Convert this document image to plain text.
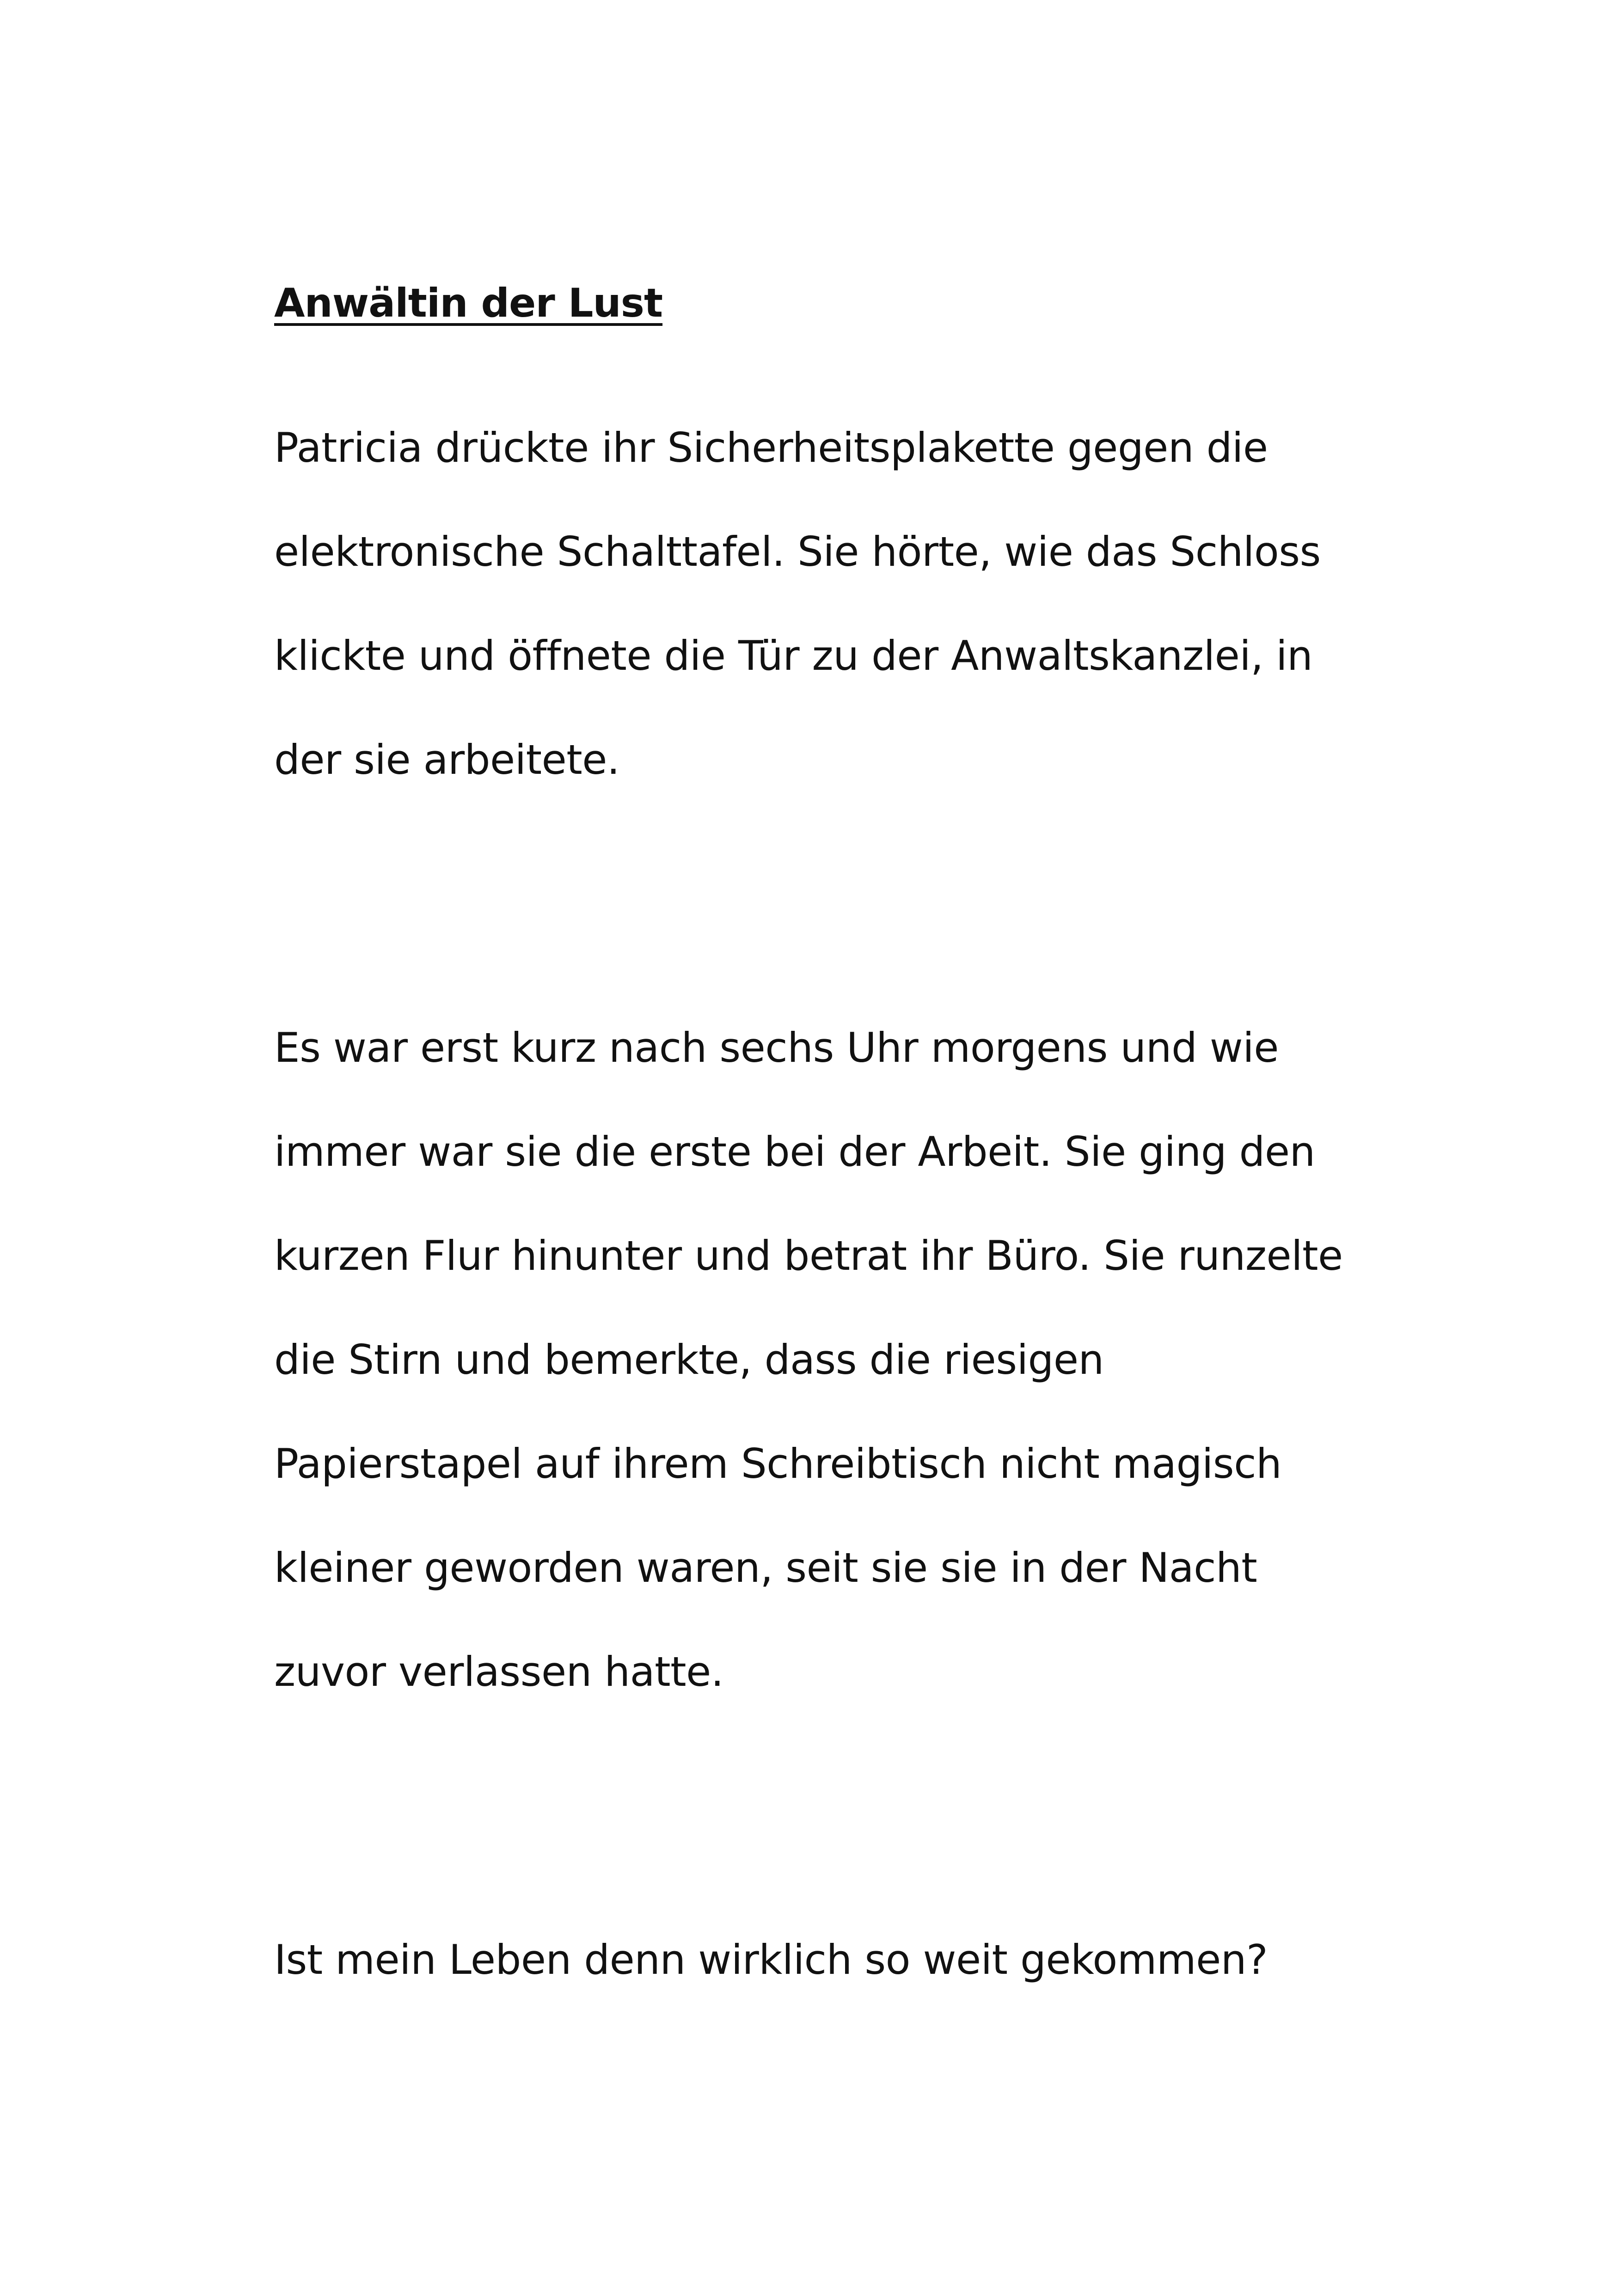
Anwältin der Lust

Patricia drückte ihr Sicherheitsplakette gegen die

elektronische Schalttafel. Sie hörte, wie das Schloss

klickte und öffnete die Tür zu der Anwaltskanzlei, in

der sie arbeitete.

Es war erst kurz nach sechs Uhr morgens und wie

immer war sie die erste bei der Arbeit. Sie ging den

kurzen Flur hinunter und betrat ihr Büro. Sie runzelte

die Stirn und bemerkte, dass die riesigen

Papierstapel auf ihrem Schreibtisch nicht magisch

kleiner geworden waren, seit sie sie in der Nacht

zuvor verlassen hatte.

Ist mein Leben denn wirklich so weit gekommen?
